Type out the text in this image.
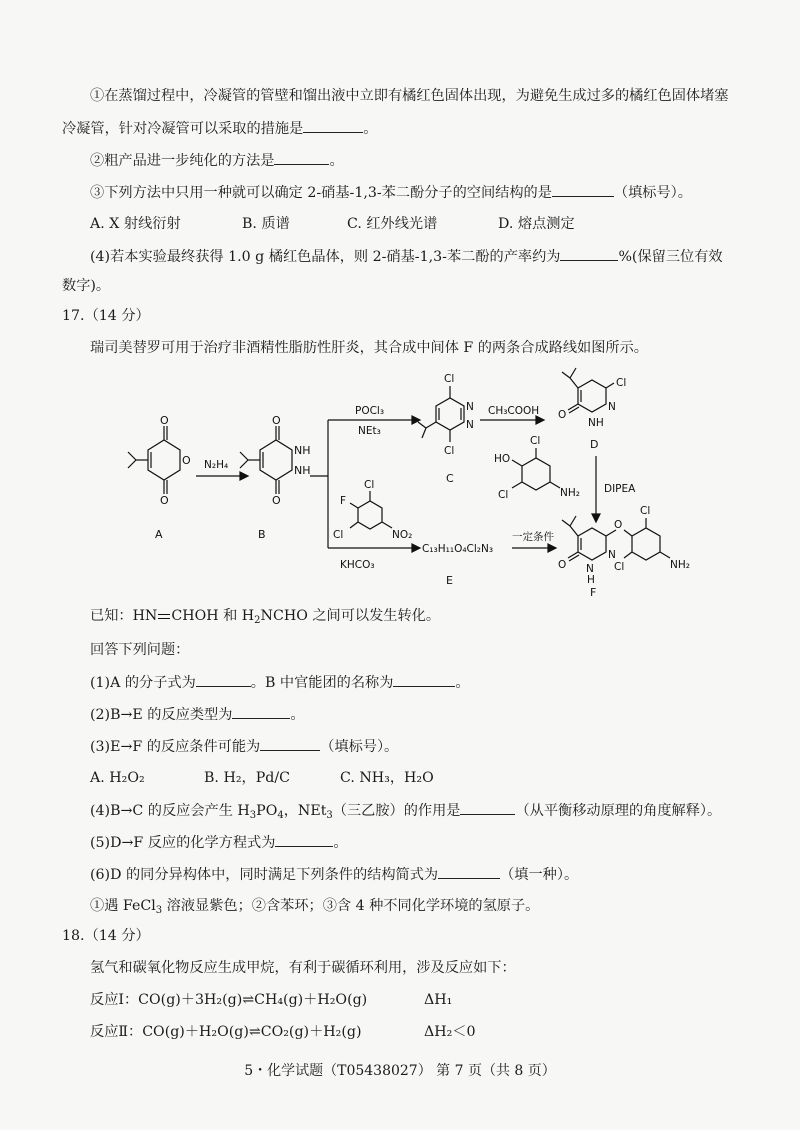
①在蒸馏过程中，冷凝管的管壁和馏出液中立即有橘红色固体出现，为避免生成过多的橘红色固体堵塞
冷凝管，针对冷凝管可以采取的措施是	。
②粗产品进一步纯化的方法是	。
③下列方法中只用一种就可以确定 2-硝基-1,3-苯二酚分子的空间结构的是	（填标号）。
A. X 射线衍射	B. 质谱	C. 红外线光谱	D. 熔点测定
(4)若本实验最终获得 1.0 g 橘红色晶体，则 2-硝基-1,3-苯二酚的产率约为	%(保留三位有效
数字)。
17.（14 分）
瑞司美替罗可用于治疗非酒精性脂肪性肝炎，其合成中间体 F 的两条合成路线如图所示。
O
O
O
A
N₂H₄
O
O
NH
NH
B
POCl₃
NEt₃
Cl
F
Cl	NO₂
KHCO₃
Cl
Cl
N
N
C
CH₃COOH
Cl
O
N
NH
D
DIPEA
Cl
HO
Cl	NH₂
C₁₃H₁₁O₄Cl₂N₃
一定条件
E
O
Cl
Cl	NH₂
O
N
N
H
F
已知：HN CHOH 和 $H_2NCHO$ 之间可以发生转化。
回答下列问题：
(1)A 的分子式为	。B 中官能团的名称为	。
(2)B→E 的反应类型为	。
(3)E→F 的反应条件可能为	（填标号）。
A. H₂O₂	B. H₂，Pd/C	C. NH₃，H₂O
(4)B→C 的反应会产生 $H_3PO_4$，NEt$_3$（三乙胺）的作用是	（从平衡移动原理的角度解释）。
(5)D→F 反应的化学方程式为	。
(6)D 的同分异构体中，同时满足下列条件的结构简式为	（填一种）。
①遇 FeCl$_3$ 溶液显紫色；②含苯环；③含 4 种不同化学环境的氢原子。
18.（14 分）
氢气和碳氧化物反应生成甲烷，有利于碳循环利用，涉及反应如下：
反应Ⅰ：CO(g)＋3H₂(g)⇌CH₄(g)＋H₂O(g)	ΔH₁
反应Ⅱ：CO(g)＋H₂O(g)⇌CO₂(g)＋H₂(g)	ΔH₂＜0
5・化学试题（T05438027） 第 7 页（共 8 页）
